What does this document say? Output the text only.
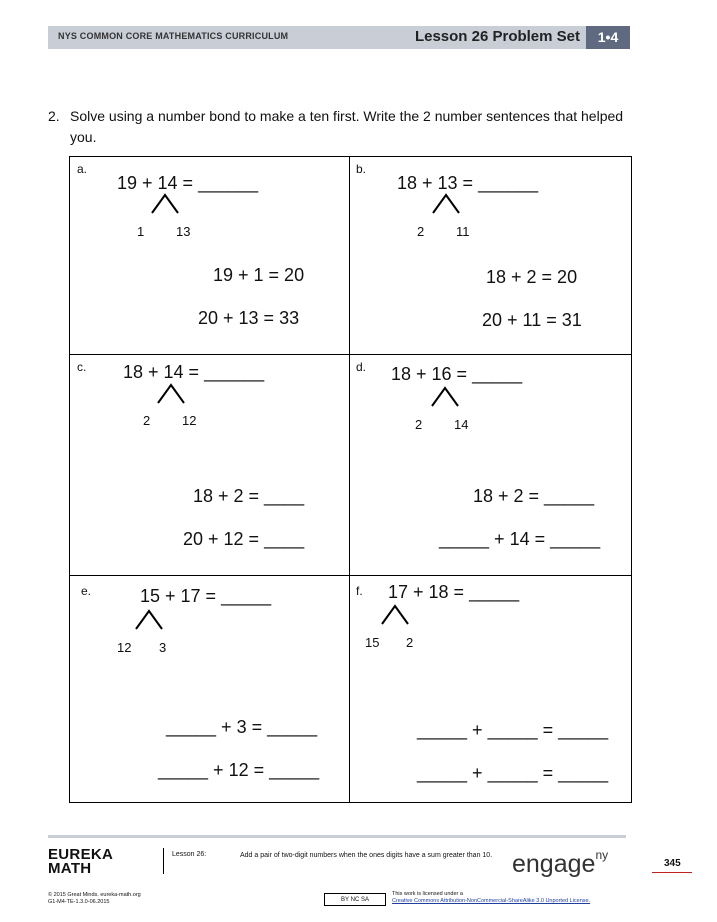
NYS COMMON CORE MATHEMATICS CURRICULUM	Lesson 26 Problem Set	1•4
2. Solve using a number bond to make a ten first. Write the 2 number sentences that helped you.
a.
19 + 14 = ______
1 13
19 + 1 = 20
20 + 13 = 33
b.
18 + 13 = ______
2 11
18 + 2 = 20
20 + 11 = 31
c. 18 + 14 = ______
2 12
18 + 2 = ____
20 + 12 = ____
d. 18 + 16 = _____
2 14
18 + 2 = _____
_____ + 14 = _____
e.	15 + 17 = _____
12 3
_____ + 3 = _____
_____ + 12 = _____
f. 17 + 18 = _____
15 2
_____ + _____ = _____
_____ + _____ = _____
EUREKA
MATH
Lesson 26:	Add a pair of two-digit numbers when the ones digits have a sum greater than 10. engage$^{ny}$
345
© 2015 Great Minds. eureka-math.org
G1-M4-TE-1.3.0-06.2015	BY NC SA
This work is licensed under a
Creative Commons Attribution-NonCommercial-ShareAlike 3.0 Unported License.
